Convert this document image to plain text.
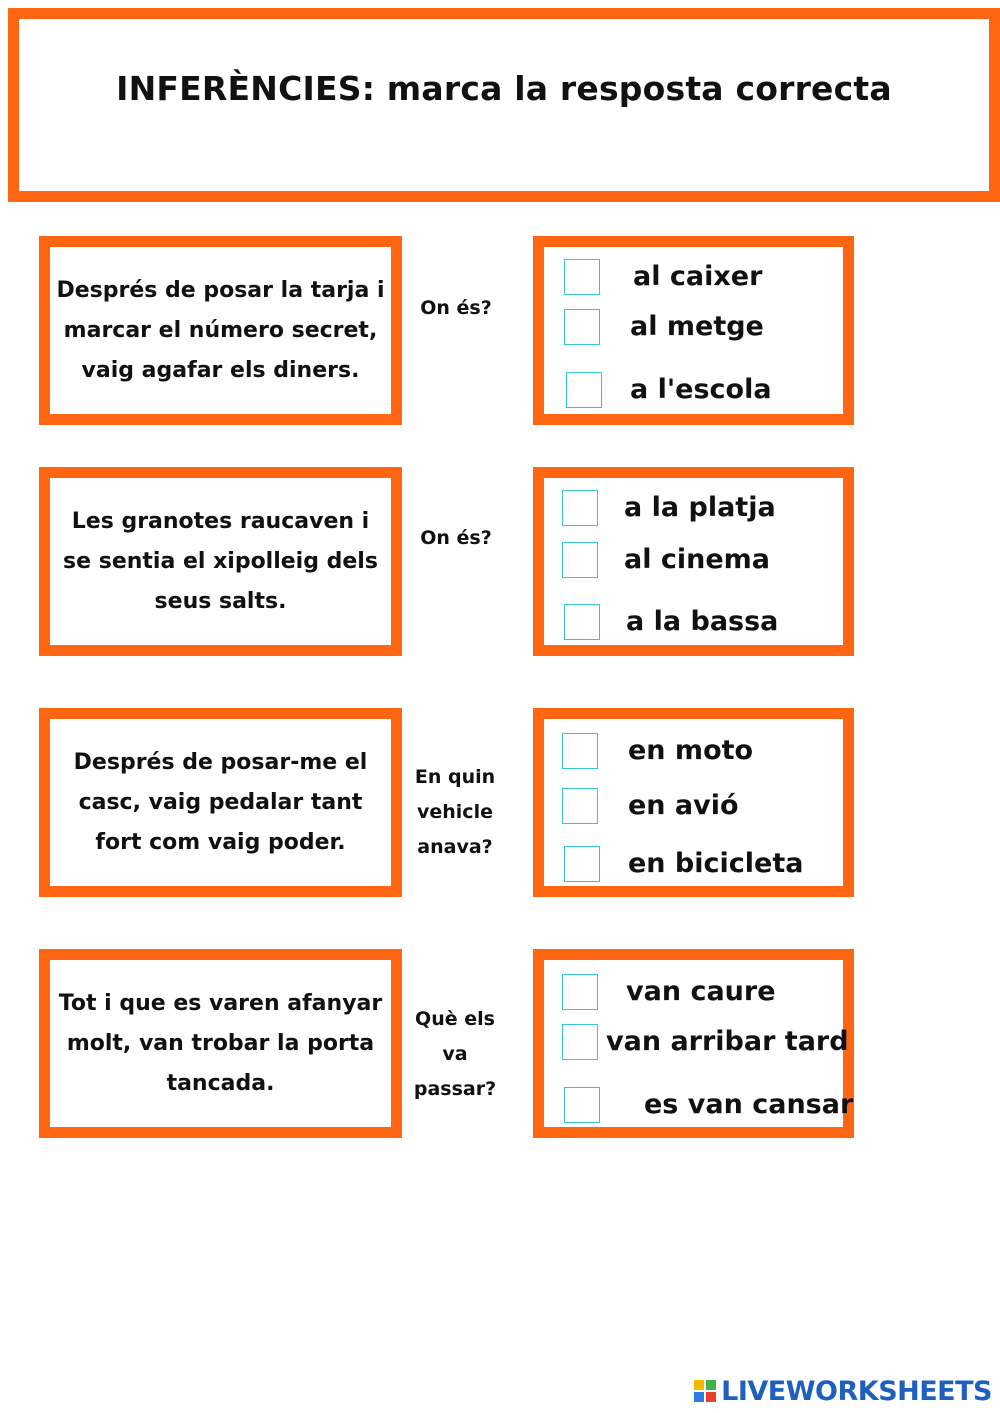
INFERÈNCIES: marca la resposta correcta
Després de posar la tarja i marcar el número secret, vaig agafar els diners.
On és?
al caixer
al metge
a l'escola
Les granotes raucaven i se sentia el xipolleig dels seus salts.
On és?
a la platja
al cinema
a la bassa
Després de posar-me el casc, vaig pedalar tant fort com vaig poder.
En quin vehicle anava?
en moto
en avió
en bicicleta
Tot i que es varen afanyar molt, van trobar la porta tancada.
Què els va passar?
van caure
van arribar tard
es van cansar
LIVEWORKSHEETS
